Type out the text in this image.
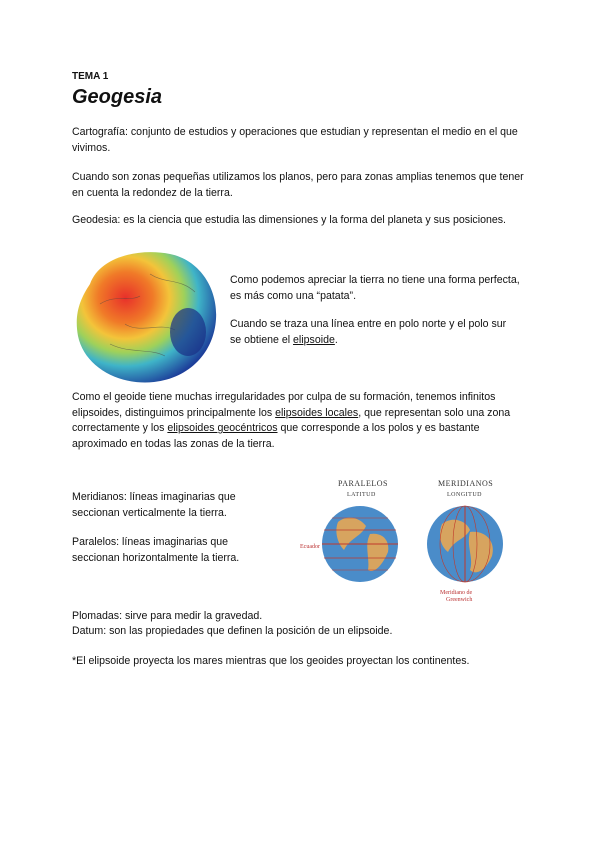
TEMA 1
Geogesia

Cartografía: conjunto de estudios y operaciones que estudian y representan el medio en el que vivimos.

Cuando son zonas pequeñas utilizamos los planos, pero para zonas amplias tenemos que tener en cuenta la redondez de la tierra.

Geodesia: es la ciencia que estudia las dimensiones y la forma del planeta y sus posiciones.

Como podemos apreciar la tierra no tiene una forma perfecta, es más como una “patata”.

Cuando se traza una línea entre en polo norte y el polo sur se obtiene el elipsoide.

Como el geoide tiene muchas irregularidades por culpa de su formación, tenemos infinitos elipsoides, distinguimos principalmente los elipsoides locales, que representan solo una zona correctamente y los elipsoides geocéntricos que corresponde a los polos y es bastante aproximado en todas las zonas de la tierra.

Meridianos: líneas imaginarias que seccionan verticalmente la tierra.

Paralelos: líneas imaginarias que seccionan horizontalmente la tierra.

PARALELOS
LATITUD
Ecuador
MERIDIANOS
LONGITUD
Meridiano de
Greenwich

Plomadas: sirve para medir la gravedad.

Datum: son las propiedades que definen la posición de un elipsoide.

*El elipsoide proyecta los mares mientras que los geoides proyectan los continentes.
